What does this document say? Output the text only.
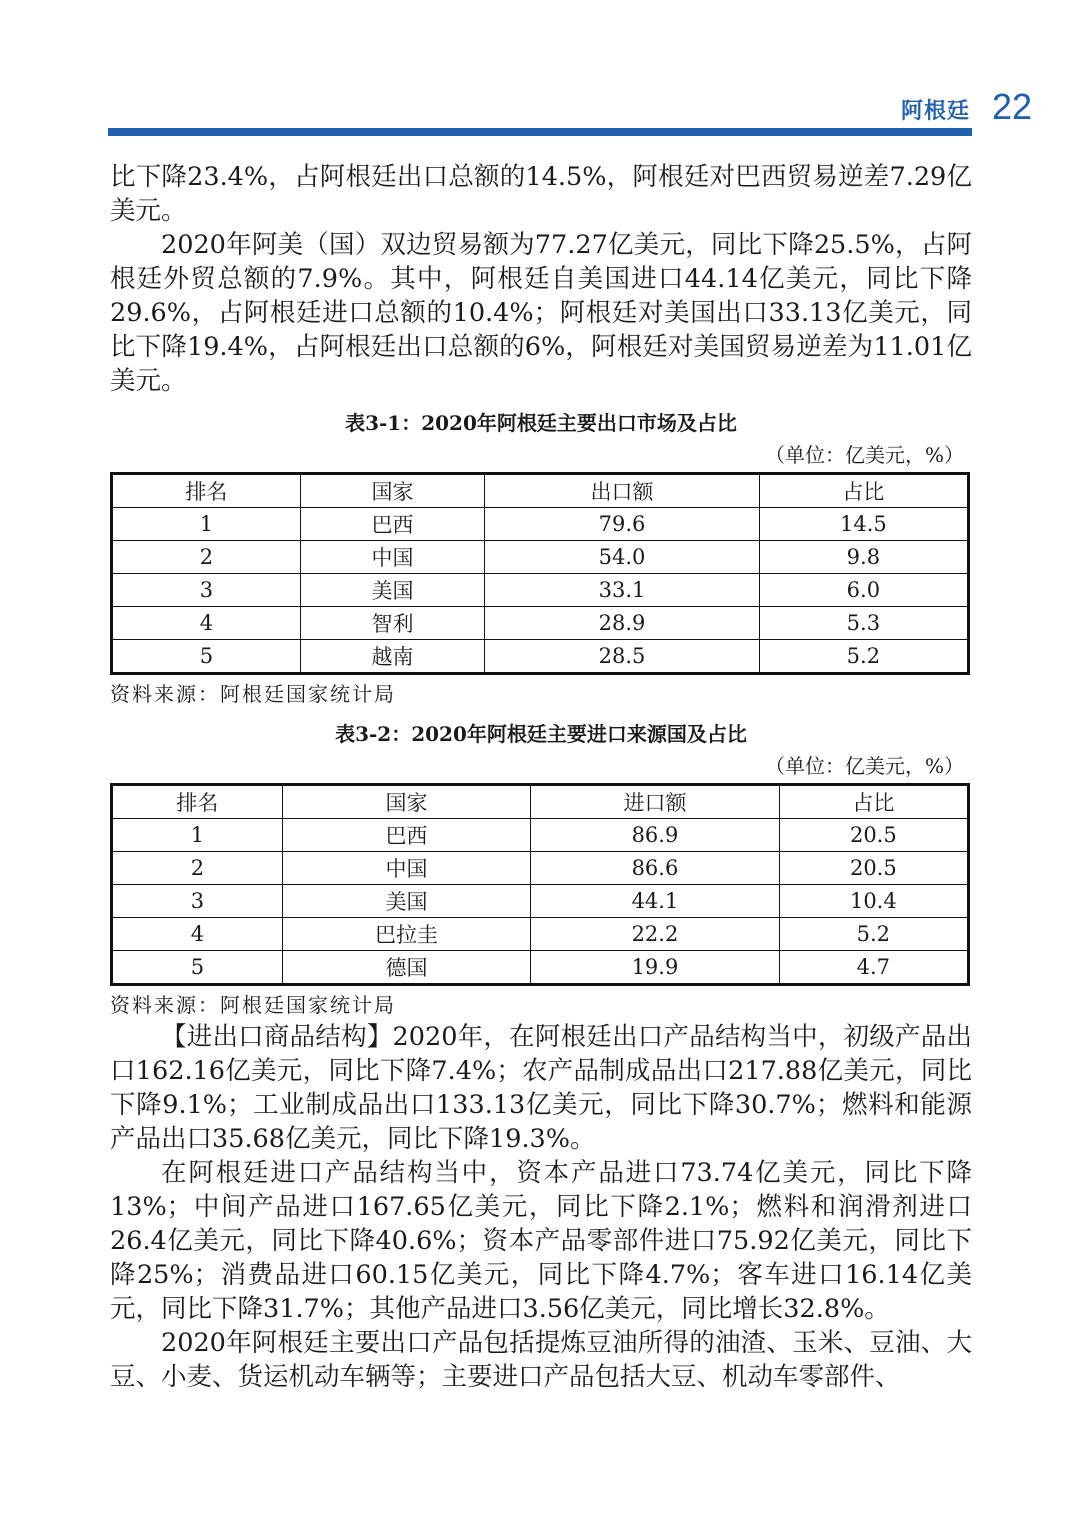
阿根廷 22

比下降23.4%，占阿根廷出口总额的14.5%，阿根廷对巴西贸易逆差7.29亿美元。

2020年阿美（国）双边贸易额为77.27亿美元，同比下降25.5%，占阿根廷外贸总额的7.9%。其中，阿根廷自美国进口44.14亿美元，同比下降29.6%，占阿根廷进口总额的10.4%；阿根廷对美国出口33.13亿美元，同比下降19.4%，占阿根廷出口总额的6%，阿根廷对美国贸易逆差为11.01亿美元。

表3-1：2020年阿根廷主要出口市场及占比
（单位：亿美元，%）
排名	国家	出口额	占比
1	巴西	79.6	14.5
2	中国	54.0	9.8
3	美国	33.1	6.0
4	智利	28.9	5.3
5	越南	28.5	5.2
资料来源：阿根廷国家统计局
表3-2：2020年阿根廷主要进口来源国及占比
（单位：亿美元，%）
排名	国家	进口额	占比
1	巴西	86.9	20.5
2	中国	86.6	20.5
3	美国	44.1	10.4
4	巴拉圭	22.2	5.2
5	德国	19.9	4.7
资料来源：阿根廷国家统计局

【进出口商品结构】2020年，在阿根廷出口产品结构当中，初级产品出口162.16亿美元，同比下降7.4%；农产品制成品出口217.88亿美元，同比下降9.1%；工业制成品出口133.13亿美元，同比下降30.7%；燃料和能源产品出口35.68亿美元，同比下降19.3%。

在阿根廷进口产品结构当中，资本产品进口73.74亿美元，同比下降13%；中间产品进口167.65亿美元，同比下降2.1%；燃料和润滑剂进口26.4亿美元，同比下降40.6%；资本产品零部件进口75.92亿美元，同比下降25%；消费品进口60.15亿美元，同比下降4.7%；客车进口16.14亿美元，同比下降31.7%；其他产品进口3.56亿美元，同比增长32.8%。

2020年阿根廷主要出口产品包括提炼豆油所得的油渣、玉米、豆油、大豆、小麦、货运机动车辆等；主要进口产品包括大豆、机动车零部件、
